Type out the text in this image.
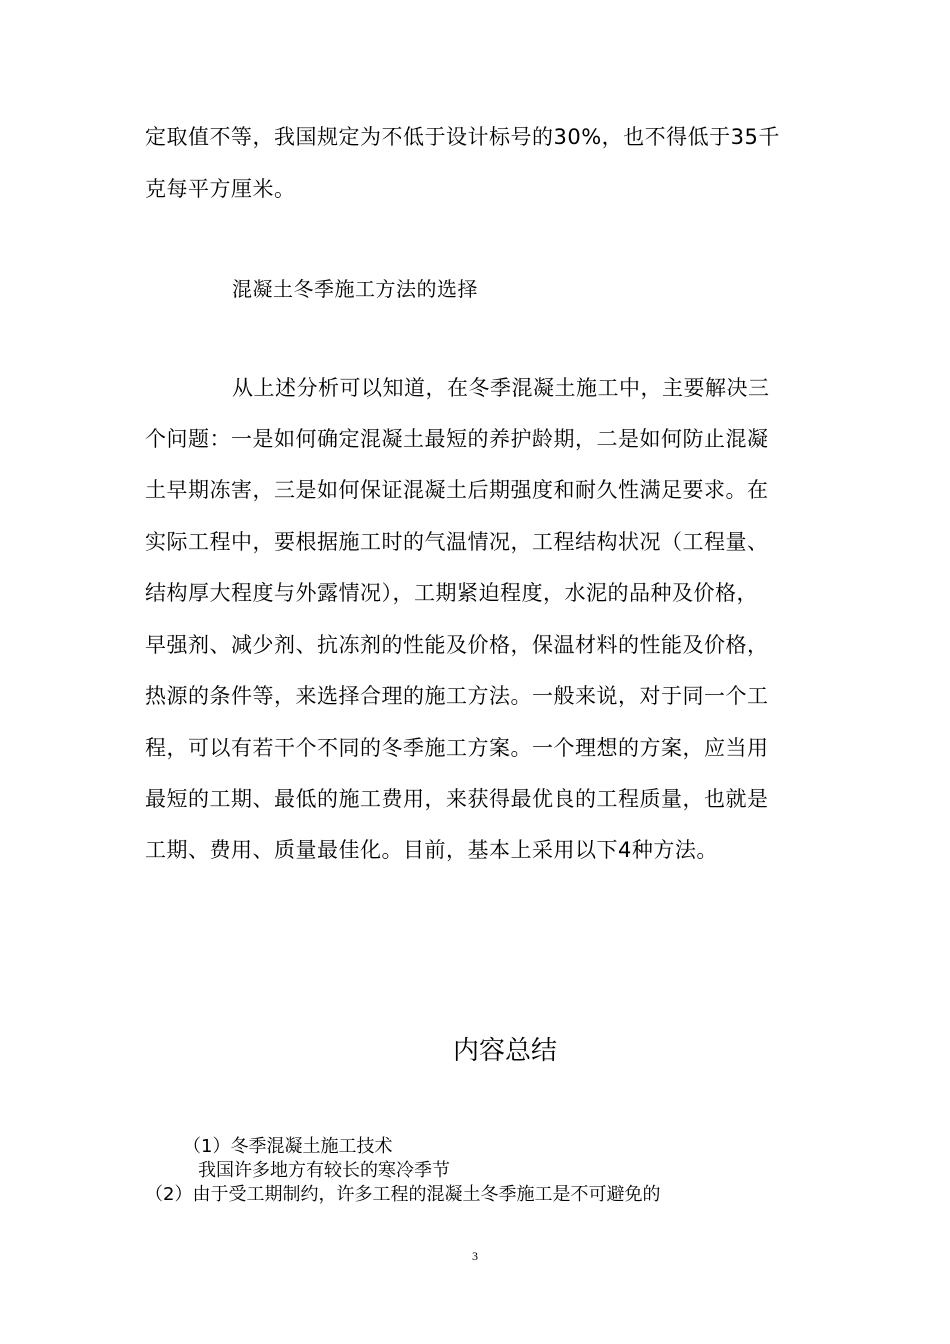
定取值不等，我国规定为不低于设计标号的30%，也不得低于35千
克每平方厘米。
混凝土冬季施工方法的选择
从上述分析可以知道，在冬季混凝土施工中，主要解决三
个问题：一是如何确定混凝土最短的养护龄期，二是如何防止混凝
土早期冻害，三是如何保证混凝土后期强度和耐久性满足要求。在
实际工程中，要根据施工时的气温情况，工程结构状况（工程量、
结构厚大程度与外露情况），工期紧迫程度，水泥的品种及价格，
早强剂、减少剂、抗冻剂的性能及价格，保温材料的性能及价格，
热源的条件等，来选择合理的施工方法。一般来说，对于同一个工
程，可以有若干个不同的冬季施工方案。一个理想的方案，应当用
最短的工期、最低的施工费用，来获得最优良的工程质量，也就是
工期、费用、质量最佳化。目前，基本上采用以下4种方法。
内容总结
（1）冬季混凝土施工技术
我国许多地方有较长的寒冷季节
（2）由于受工期制约，许多工程的混凝土冬季施工是不可避免的
3
